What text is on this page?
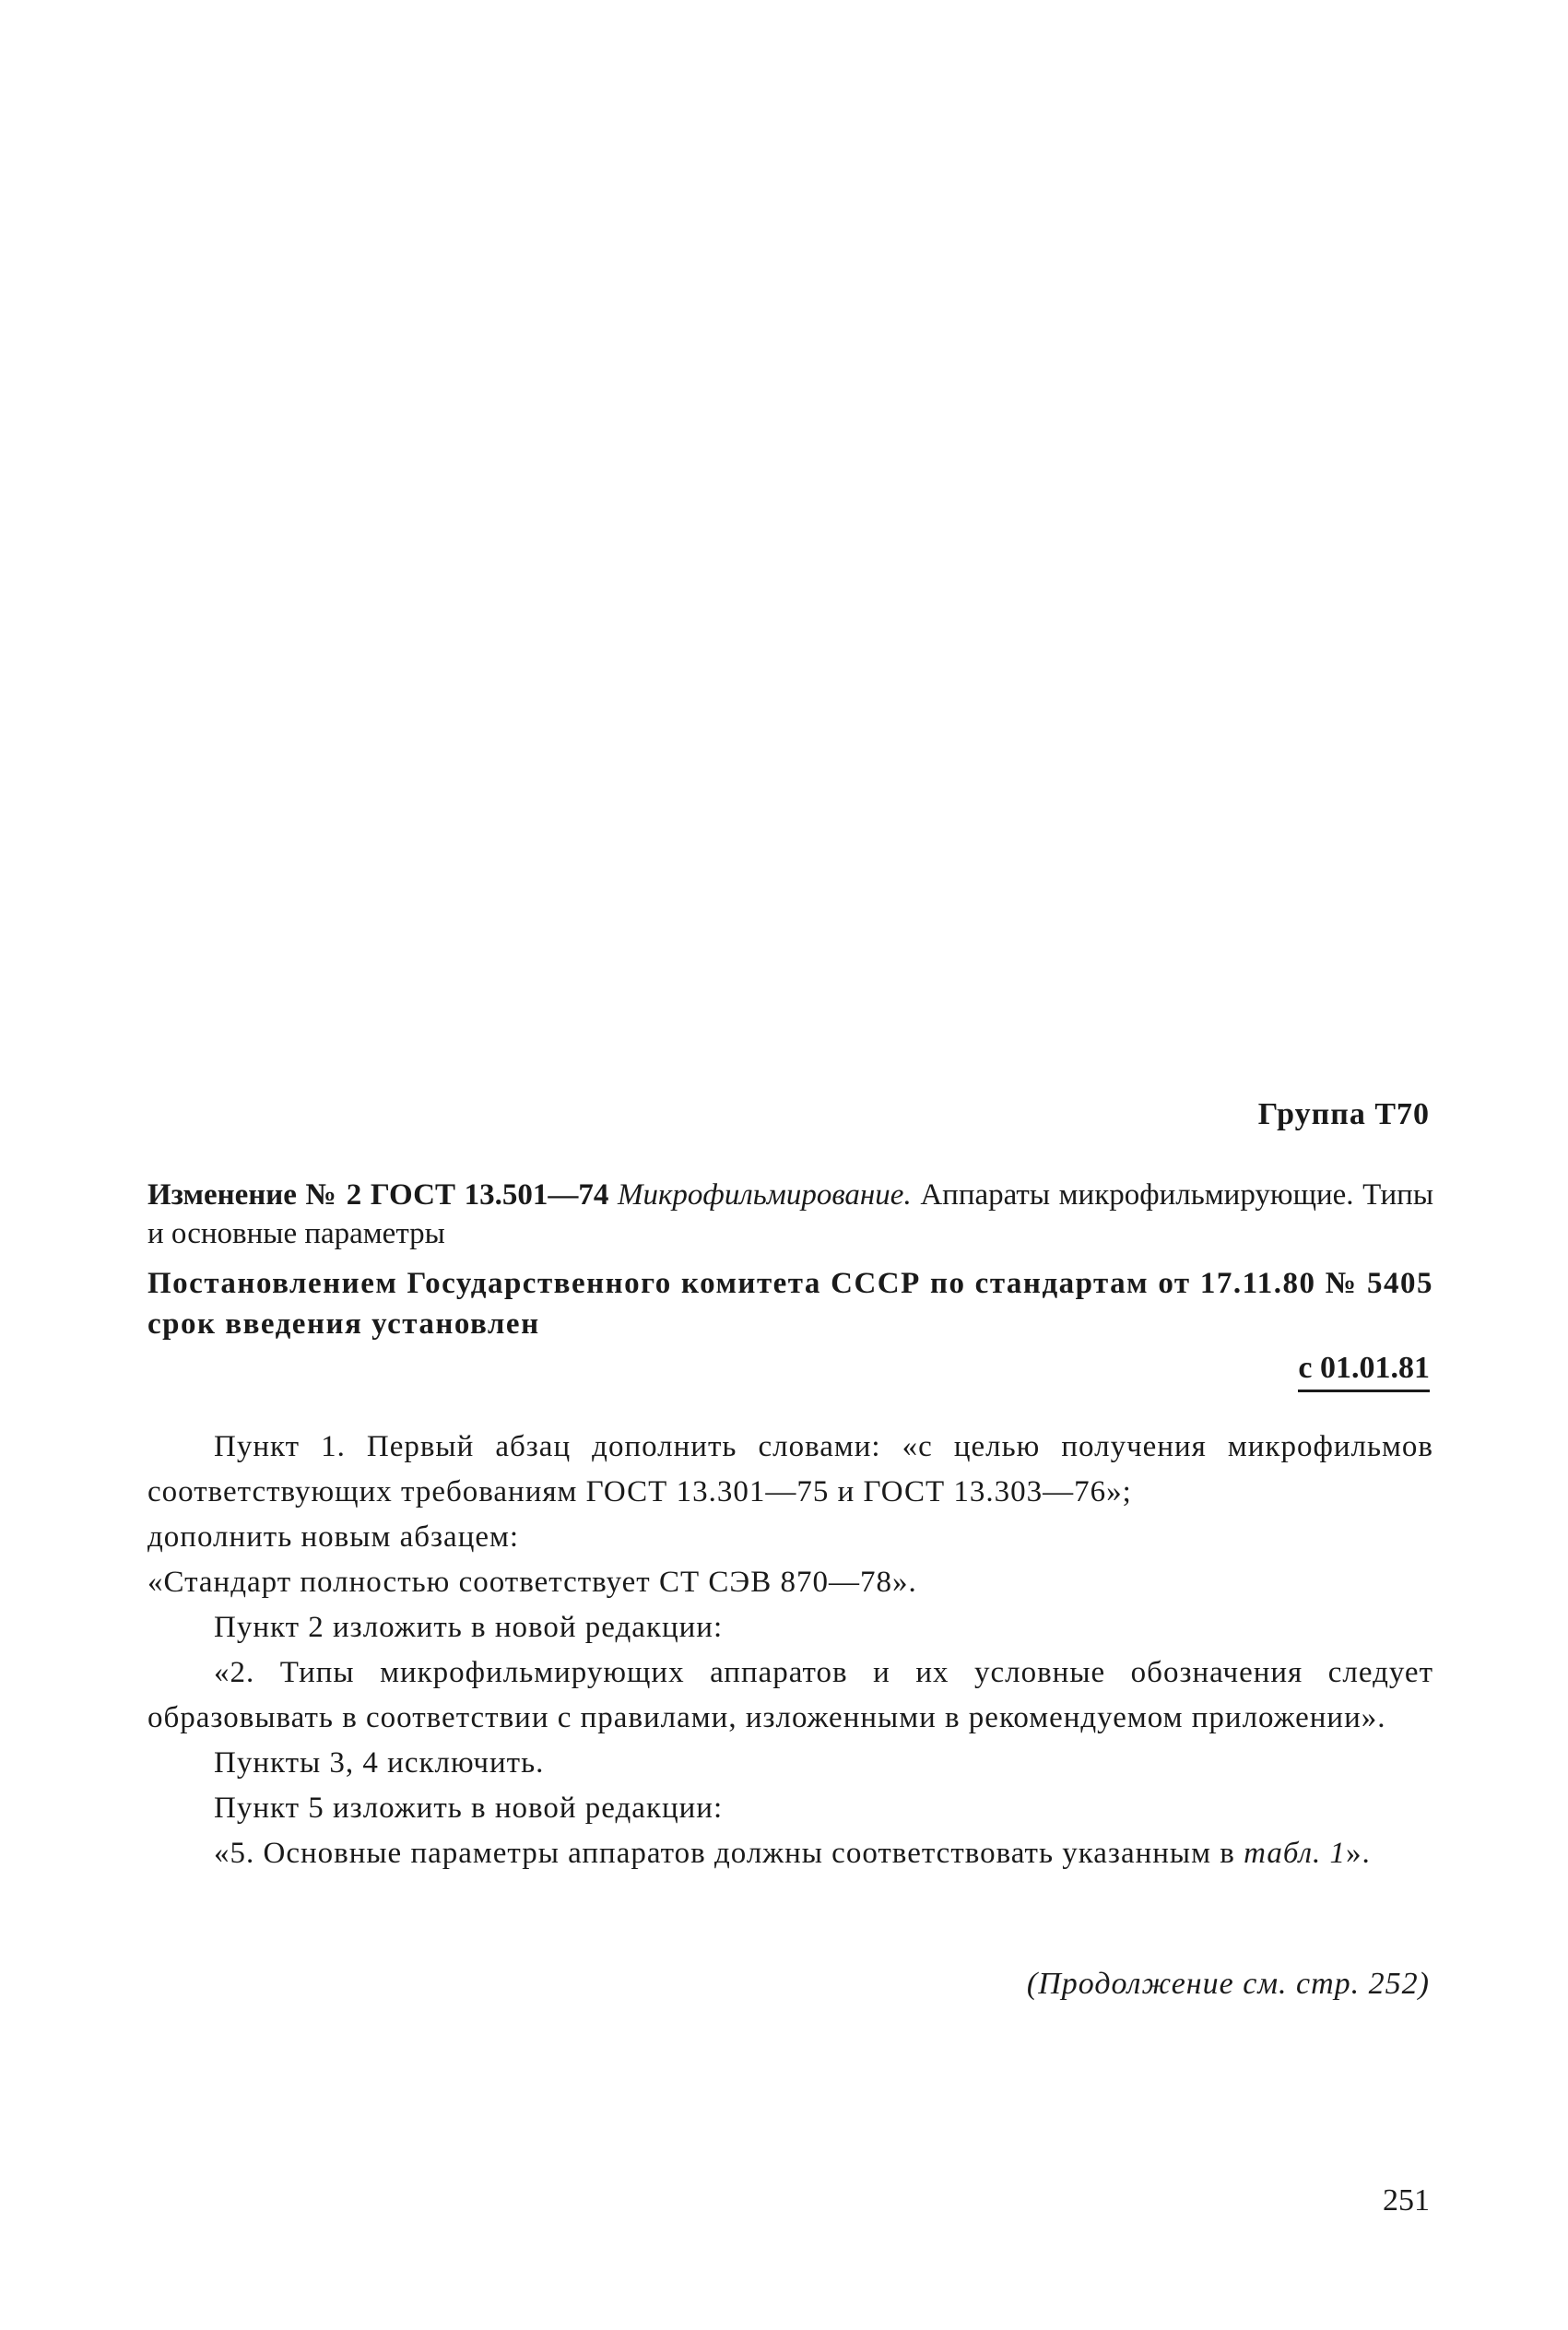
Группа Т70
Изменение № 2 ГОСТ 13.501—74 Микрофильмирование. Аппараты микрофильмирующие. Типы и основные параметры
Постановлением Государственного комитета СССР по стандартам от 17.11.80 № 5405 срок введения установлен
с 01.01.81

Пункт 1. Первый абзац дополнить словами: «с целью получения микрофильмов соответствующих требованиям ГОСТ 13.301—75 и ГОСТ 13.303—76»;

дополнить новым абзацем:

«Стандарт полностью соответствует СТ СЭВ 870—78».

Пункт 2 изложить в новой редакции:

«2. Типы микрофильмирующих аппаратов и их условные обозначения следует образовывать в соответствии с правилами, изложенными в рекомендуемом приложении».

Пункты 3, 4 исключить.

Пункт 5 изложить в новой редакции:

«5. Основные параметры аппаратов должны соответствовать указанным в табл. 1».

(Продолжение см. стр. 252)
251
